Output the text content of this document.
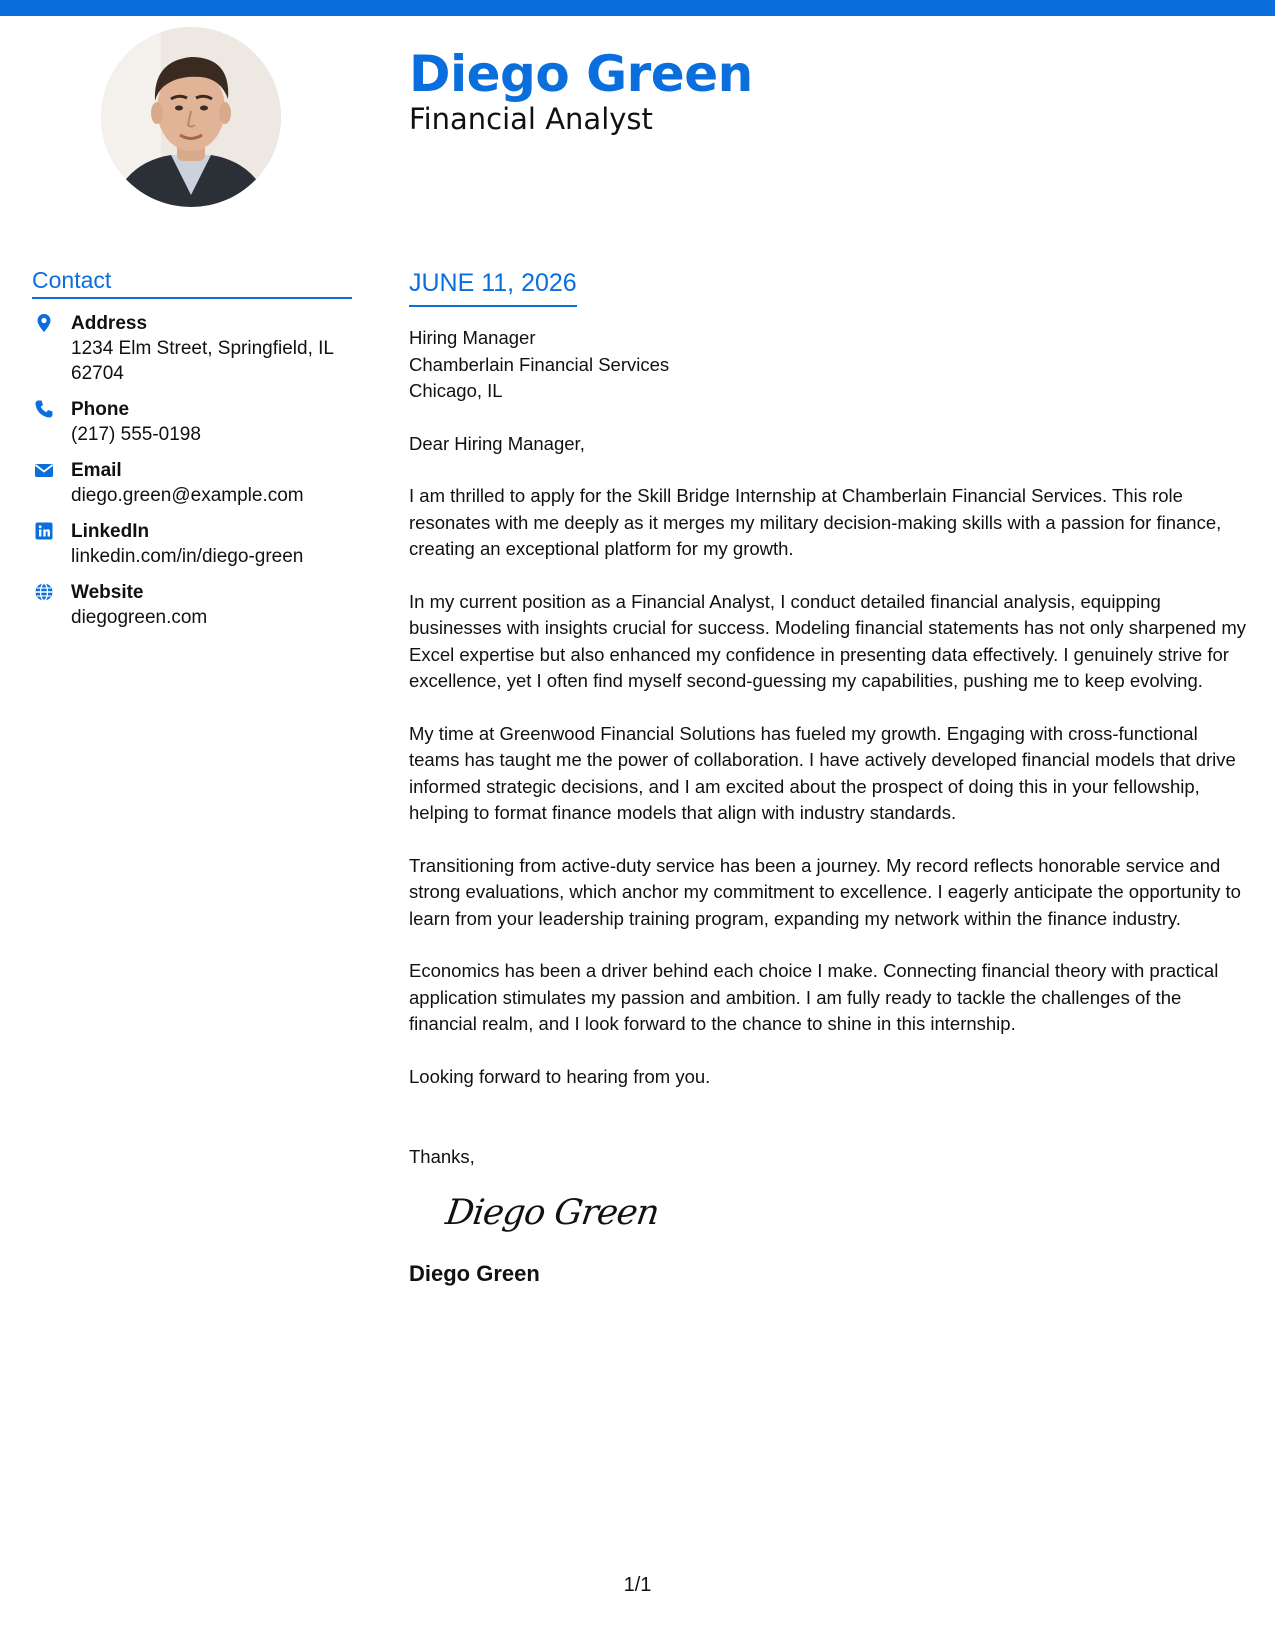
Diego Green
Financial Analyst
Contact
Address
1234 Elm Street, Springfield, IL 62704
Phone
(217) 555-0198
Email
diego.green@example.com
LinkedIn
linkedin.com/in/diego-green
Website
diegogreen.com
JUNE 11, 2026
Hiring Manager
Chamberlain Financial Services
Chicago, IL
Dear Hiring Manager,
I am thrilled to apply for the Skill Bridge Internship at Chamberlain Financial Services. This role resonates with me deeply as it merges my military decision-making skills with a passion for finance, creating an exceptional platform for my growth.
In my current position as a Financial Analyst, I conduct detailed financial analysis, equipping businesses with insights crucial for success. Modeling financial statements has not only sharpened my Excel expertise but also enhanced my confidence in presenting data effectively. I genuinely strive for excellence, yet I often find myself second-guessing my capabilities, pushing me to keep evolving.
My time at Greenwood Financial Solutions has fueled my growth. Engaging with cross-functional teams has taught me the power of collaboration. I have actively developed financial models that drive informed strategic decisions, and I am excited about the prospect of doing this in your fellowship, helping to format finance models that align with industry standards.
Transitioning from active-duty service has been a journey. My record reflects honorable service and strong evaluations, which anchor my commitment to excellence. I eagerly anticipate the opportunity to learn from your leadership training program, expanding my network within the finance industry.
Economics has been a driver behind each choice I make. Connecting financial theory with practical application stimulates my passion and ambition. I am fully ready to tackle the challenges of the financial realm, and I look forward to the chance to shine in this internship.
Looking forward to hearing from you.
Thanks,
Diego Green
Diego Green
1/1
